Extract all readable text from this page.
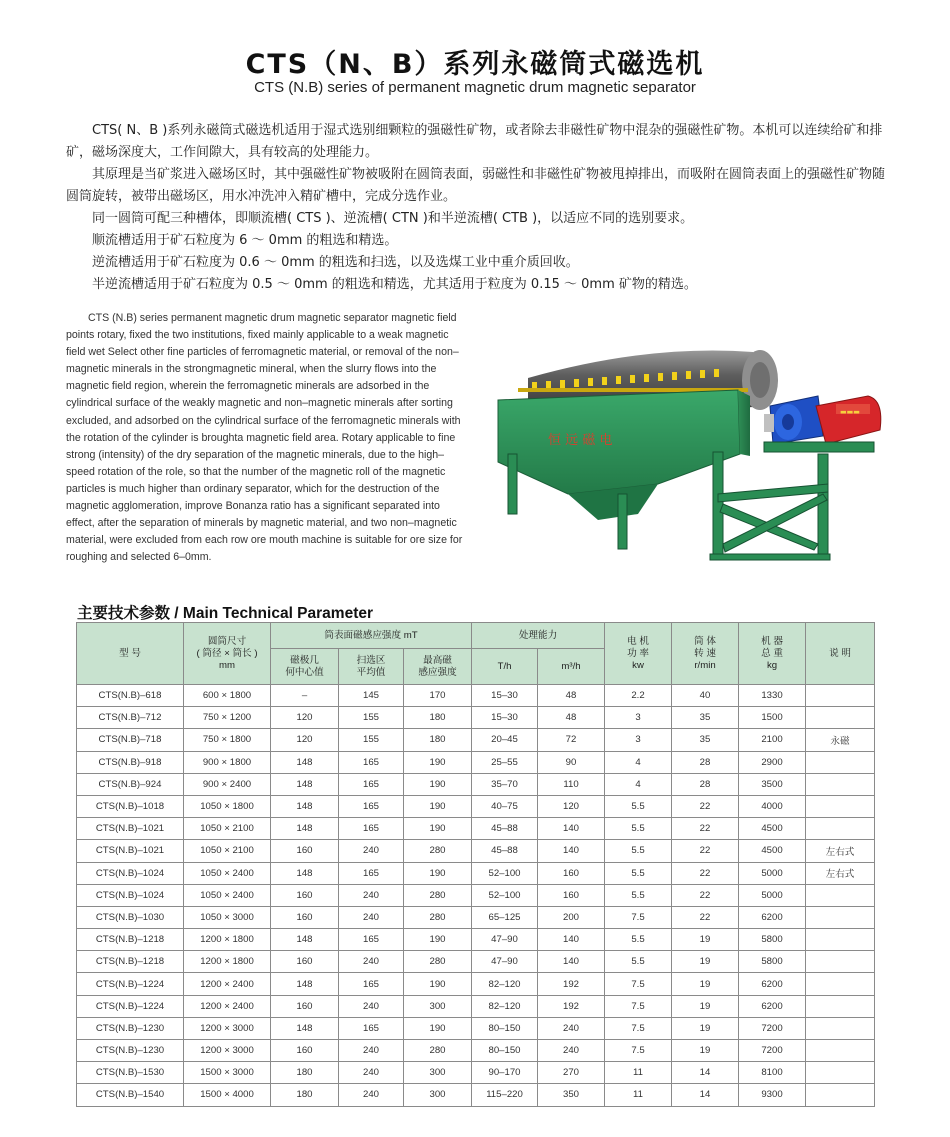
CTS（N、B）系列永磁筒式磁选机
CTS (N.B) series of permanent magnetic drum magnetic separator

CTS( N、B )系列永磁筒式磁选机适用于湿式选别细颗粒的强磁性矿物，或者除去非磁性矿物中混杂的强磁性矿物。本机可以连续给矿和排矿，磁场深度大，工作间隙大，具有较高的处理能力。

其原理是当矿浆进入磁场区时，其中强磁性矿物被吸附在圆筒表面，弱磁性和非磁性矿物被甩掉排出，而吸附在圆筒表面上的强磁性矿物随圆筒旋转，被带出磁场区，用水冲洗冲入精矿槽中，完成分选作业。

同一圆筒可配三种槽体，即顺流槽( CTS )、逆流槽( CTN )和半逆流槽( CTB )，以适应不同的选别要求。

顺流槽适用于矿石粒度为 6 ～ 0mm 的粗选和精选。

逆流槽适用于矿石粒度为 0.6 ～ 0mm 的粗选和扫选，以及选煤工业中重介质回收。

半逆流槽适用于矿石粒度为 0.5 ～ 0mm 的粗选和精选，尤其适用于粒度为 0.15 ～ 0mm 矿物的精选。

CTS (N.B) series permanent magnetic drum magnetic separator magnetic field points rotary, fixed the two institutions, fixed mainly applicable to a weak magnetic field wet Select other fine particles of ferromagnetic material, or removal of the non–magnetic minerals in the strongmagnetic mineral, when the slurry flows into the magnetic field region, wherein the ferromagnetic minerals are adsorbed in the cylindrical surface of the weakly magnetic and non–magnetic minerals after sorting excluded, and adsorbed on the cylindrical surface of the ferromagnetic minerals with the rotation of the cylinder is broughta magnetic field area. Rotary applicable to fine strong (intensity) of the dry separation of the magnetic minerals, due to the high–speed rotation of the role, so that the number of the magnetic roll of the magnetic particles is much higher than ordinary separator, which for the destruction of the magnetic agglomeration, improve Bonanza ratio has a significant separated into effect, after the separation of minerals by magnetic material, and two non–magnetic material, were excluded from each row ore mouth machine is suitable for ore size for roughing and selected 6–0mm.
恒 远 磁 电
▬▬▬
主要技术参数 / Main Technical Parameter
型 号	圆筒尺寸
( 筒径 × 筒长 )
mm	筒表面磁感应强度 mT			处理能力		电 机
功 率
kw	筒 体
转 速
r/min	机 器
总 重
kg	说 明
		磁极几
何中心值	扫选区
平均值	最高磁
感应强度	T/h	m³/h				
CTS(N.B)–618	600 × 1800	–	145	170	15–30	48	2.2	40	1330	
CTS(N.B)–712	750 × 1200	120	155	180	15–30	48	3	35	1500	
CTS(N.B)–718	750 × 1800	120	155	180	20–45	72	3	35	2100	永磁
CTS(N.B)–918	900 × 1800	148	165	190	25–55	90	4	28	2900	
CTS(N.B)–924	900 × 2400	148	165	190	35–70	110	4	28	3500	
CTS(N.B)–1018	1050 × 1800	148	165	190	40–75	120	5.5	22	4000	
CTS(N.B)–1021	1050 × 2100	148	165	190	45–88	140	5.5	22	4500	
CTS(N.B)–1021	1050 × 2100	160	240	280	45–88	140	5.5	22	4500	左右式
CTS(N.B)–1024	1050 × 2400	148	165	190	52–100	160	5.5	22	5000	左右式
CTS(N.B)–1024	1050 × 2400	160	240	280	52–100	160	5.5	22	5000	
CTS(N.B)–1030	1050 × 3000	160	240	280	65–125	200	7.5	22	6200	
CTS(N.B)–1218	1200 × 1800	148	165	190	47–90	140	5.5	19	5800	
CTS(N.B)–1218	1200 × 1800	160	240	280	47–90	140	5.5	19	5800	
CTS(N.B)–1224	1200 × 2400	148	165	190	82–120	192	7.5	19	6200	
CTS(N.B)–1224	1200 × 2400	160	240	300	82–120	192	7.5	19	6200	
CTS(N.B)–1230	1200 × 3000	148	165	190	80–150	240	7.5	19	7200	
CTS(N.B)–1230	1200 × 3000	160	240	280	80–150	240	7.5	19	7200	
CTS(N.B)–1530	1500 × 3000	180	240	300	90–170	270	11	14	8100	
CTS(N.B)–1540	1500 × 4000	180	240	300	115–220	350	11	14	9300	
